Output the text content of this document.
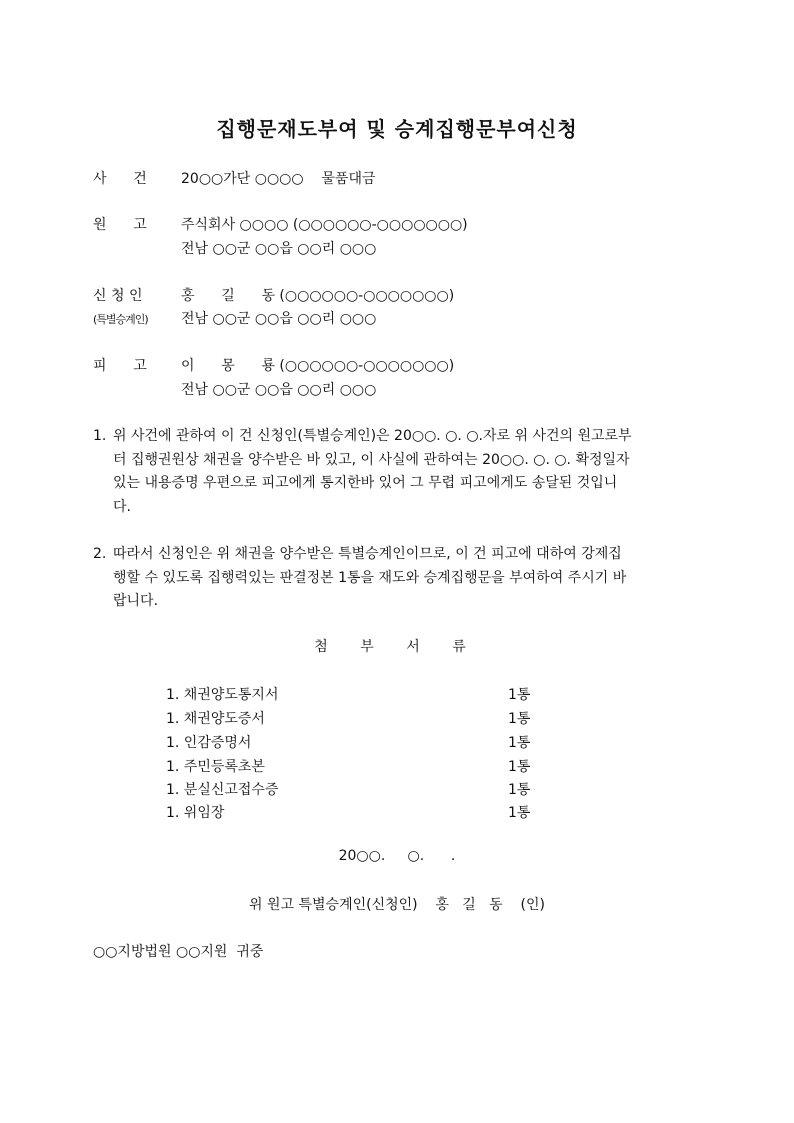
집행문재도부여 및 승계집행문부여신청
사      건 20○○가단 ○○○○    물품대금
원      고 주식회사 ○○○○ (○○○○○○-○○○○○○○)
전남 ○○군 ○○읍 ○○리 ○○○
신 청 인	홍      길      동 (○○○○○○-○○○○○○○)
(특별승계인) 전남 ○○군 ○○읍 ○○리 ○○○
피      고 이      몽      룡 (○○○○○○-○○○○○○○)
전남 ○○군 ○○읍 ○○리 ○○○
1. 위 사건에 관하여 이 건 신청인(특별승계인)은 20○○. ○. ○.자로 위 사건의 원고로부
터 집행권원상 채권을 양수받은 바 있고, 이 사실에 관하여는 20○○. ○. ○. 확정일자
있는 내용증명 우편으로 피고에게 통지한바 있어 그 무렵 피고에게도 송달된 것입니
다.
2. 따라서 신청인은 위 채권을 양수받은 특별승계인이므로, 이 건 피고에 대하여 강제집
행할 수 있도록 집행력있는 판결정본 1통을 재도와 승계집행문을 부여하여 주시기 바
랍니다.
첨 부 서 류
1. 채권양도통지서	1통
1. 채권양도증서	1통
1. 인감증명서	1통
1. 주민등록초본	1통
1. 분실신고접수증	1통
1. 위임장	1통
20○○.     ○.      .
위 원고 특별승계인(신청인)    홍   길   동    (인)
○○지방법원 ○○지원  귀중
